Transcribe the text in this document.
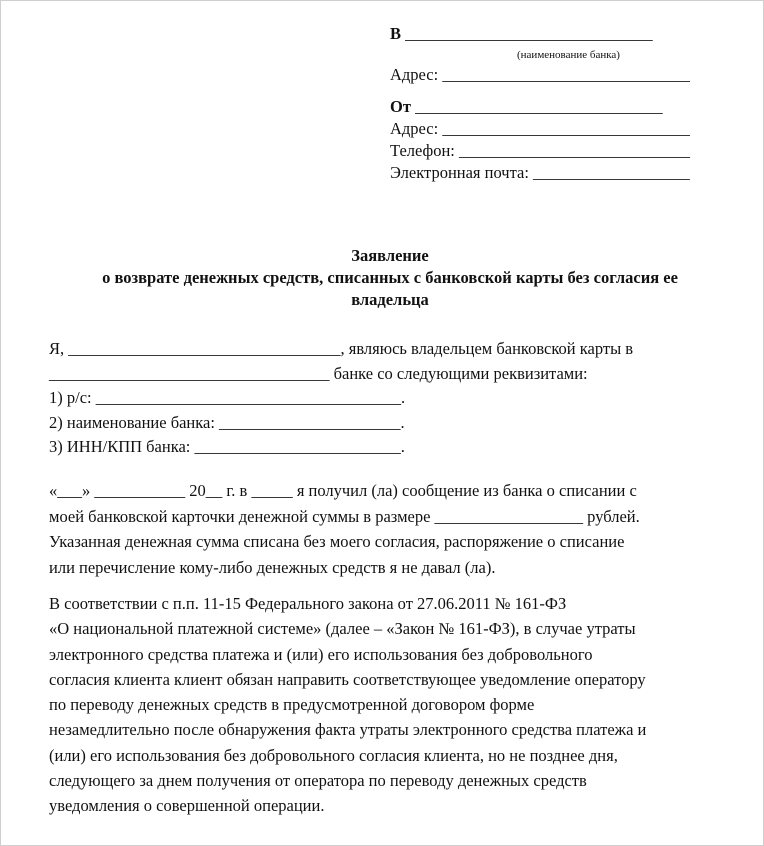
В ______________________________
(наименование банка)
Адрес: ______________________________
От ______________________________
Адрес: ______________________________
Телефон: ____________________________
Электронная почта: ___________________
Заявление
о возврате денежных средств, списанных с банковской карты без согласия ее
владельца
Я, _________________________________, являюсь владельцем банковской карты в
__________________________________ банке со следующими реквизитами:
1) р/с: _____________________________________.
2) наименование банка: ______________________.
3) ИНН/КПП банка: _________________________.
«___» ___________ 20__ г. в _____ я получил (ла) сообщение из банка о списании с
моей банковской карточки денежной суммы в размере __________________ рублей.
Указанная денежная сумма списана без моего согласия, распоряжение о списание
или перечисление кому-либо денежных средств я не давал (ла).
В соответствии с п.п. 11-15 Федерального закона от 27.06.2011 № 161-ФЗ
«О национальной платежной системе» (далее – «Закон № 161-ФЗ), в случае утраты
электронного средства платежа и (или) его использования без добровольного
согласия клиента клиент обязан направить соответствующее уведомление оператору
по переводу денежных средств в предусмотренной договором форме
незамедлительно после обнаружения факта утраты электронного средства платежа и
(или) его использования без добровольного согласия клиента, но не позднее дня,
следующего за днем получения от оператора по переводу денежных средств
уведомления о совершенной операции.
